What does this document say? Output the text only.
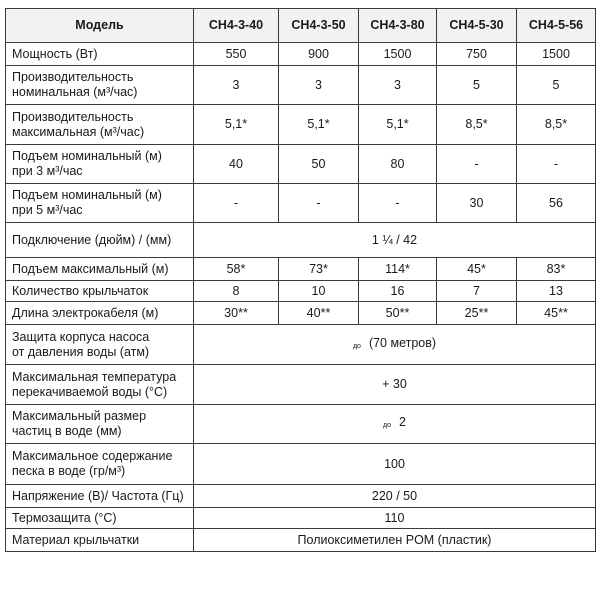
Модель	СН4-3-40	СН4-3-50	СН4-3-80	СН4-5-30	СН4-5-56
Мощность (Вт)	550	900	1500	750	1500
Производительность
номинальная (м³/час)	3	3	3	5	5
Производительность
максимальная (м³/час)	5,1*	5,1*	5,1*	8,5*	8,5*
Подъем номинальный (м)
при 3 м³/час	40	50	80	-	-
Подъем номинальный (м)
при 5 м³/час	-	-	-	30	56
Подключение (дюйм) / (мм)	1 ¼ / 42				
Подъем максимальный (м)	58*	73*	114*	45*	83*
Количество крыльчаток	8	10	16	7	13
Длина электрокабеля (м)	30**	40**	50**	25**	45**
Защита корпуса насоса
от давления воды (атм)	до (70 метров)				
Максимальная температура
перекачиваемой воды (°С)	+ 30				
Максимальный размер
частиц в воде (мм)	до 2				
Максимальное содержание
песка в воде (гр/м³)	100				
Напряжение (В)/ Частота (Гц)	220 / 50				
Термозащита (°С)	110				
Материал крыльчатки	Полиоксиметилен POM (пластик)				
